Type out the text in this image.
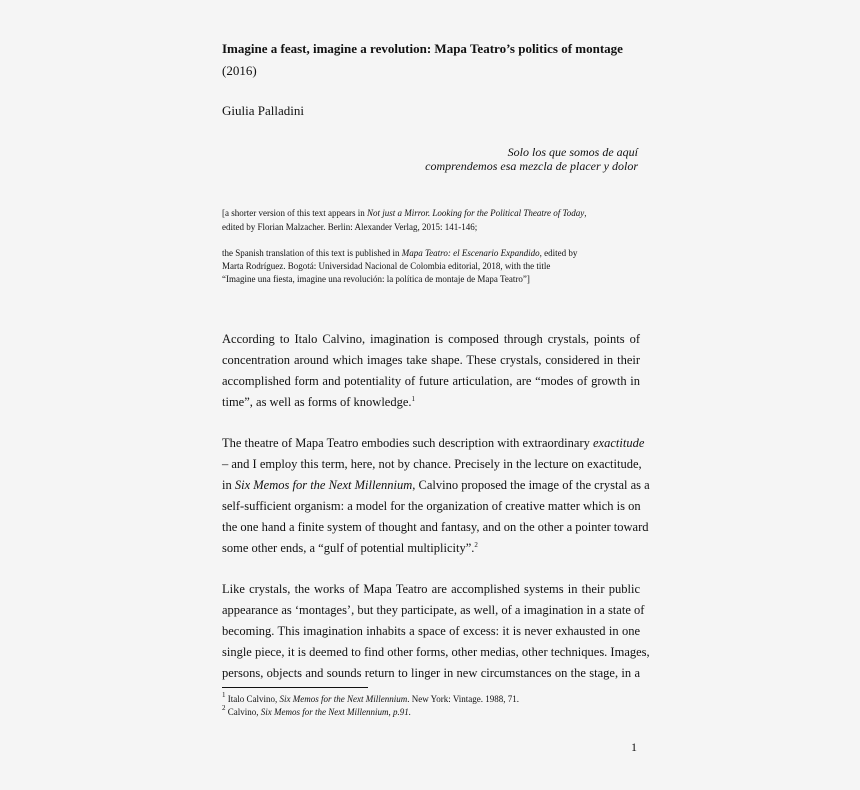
Imagine a feast, imagine a revolution: Mapa Teatro’s politics of montage
(2016)
Giulia Palladini
Solo los que somos de aquí
comprendemos esa mezcla de placer y dolor
[a shorter version of this text appears in Not just a Mirror. Looking for the Political Theatre of Today,
edited by Florian Malzacher. Berlin: Alexander Verlag, 2015: 141-146;
the Spanish translation of this text is published in Mapa Teatro: el Escenario Expandido, edited by
Marta Rodríguez. Bogotá: Universidad Nacional de Colombia editorial, 2018, with the title
“Imagine una fiesta, imagine una revolución: la política de montaje de Mapa Teatro”]
According to Italo Calvino, imagination is composed through crystals, points of
concentration around which images take shape. These crystals, considered in their
accomplished form and potentiality of future articulation, are “modes of growth in
time”, as well as forms of knowledge.$^1$
The theatre of Mapa Teatro embodies such description with extraordinary exactitude
– and I employ this term, here, not by chance. Precisely in the lecture on exactitude,
in Six Memos for the Next Millennium, Calvino proposed the image of the crystal as a
self-sufficient organism: a model for the organization of creative matter which is on
the one hand a finite system of thought and fantasy, and on the other a pointer toward
some other ends, a “gulf of potential multiplicity”.$^2$
Like crystals, the works of Mapa Teatro are accomplished systems in their public
appearance as ‘montages’, but they participate, as well, of a imagination in a state of
becoming. This imagination inhabits a space of excess: it is never exhausted in one
single piece, it is deemed to find other forms, other medias, other techniques. Images,
persons, objects and sounds return to linger in new circumstances on the stage, in a
$^1$ Italo Calvino, Six Memos for the Next Millennium. New York: Vintage. 1988, 71.
$^2$ Calvino, Six Memos for the Next Millennium, p.91.
1
